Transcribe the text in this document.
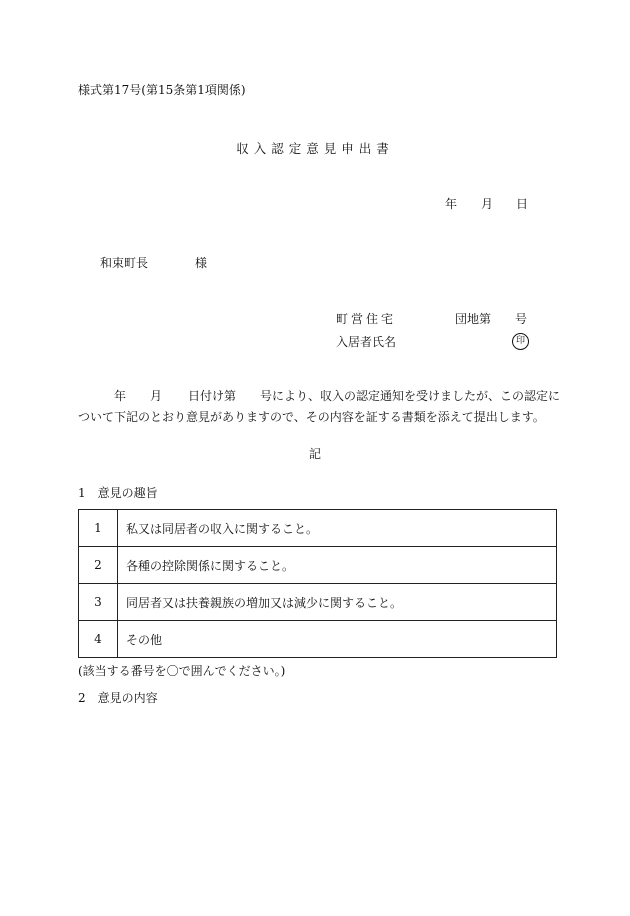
様式第17号(第15条第1項関係)
収入認定意見申出書
年 月 日
和束町長	様
町営住宅	団地第 号
入居者氏名	印
年 月 日付け第 号により、収入の認定通知を受けましたが、この認定に
ついて下記のとおり意見がありますので、その内容を証する書類を添えて提出します。
記
1　意見の趣旨
1	私又は同居者の収入に関すること。
2	各種の控除関係に関すること。
3	同居者又は扶養親族の増加又は減少に関すること。
4	その他
(該当する番号を〇で囲んでください。)
2　意見の内容
